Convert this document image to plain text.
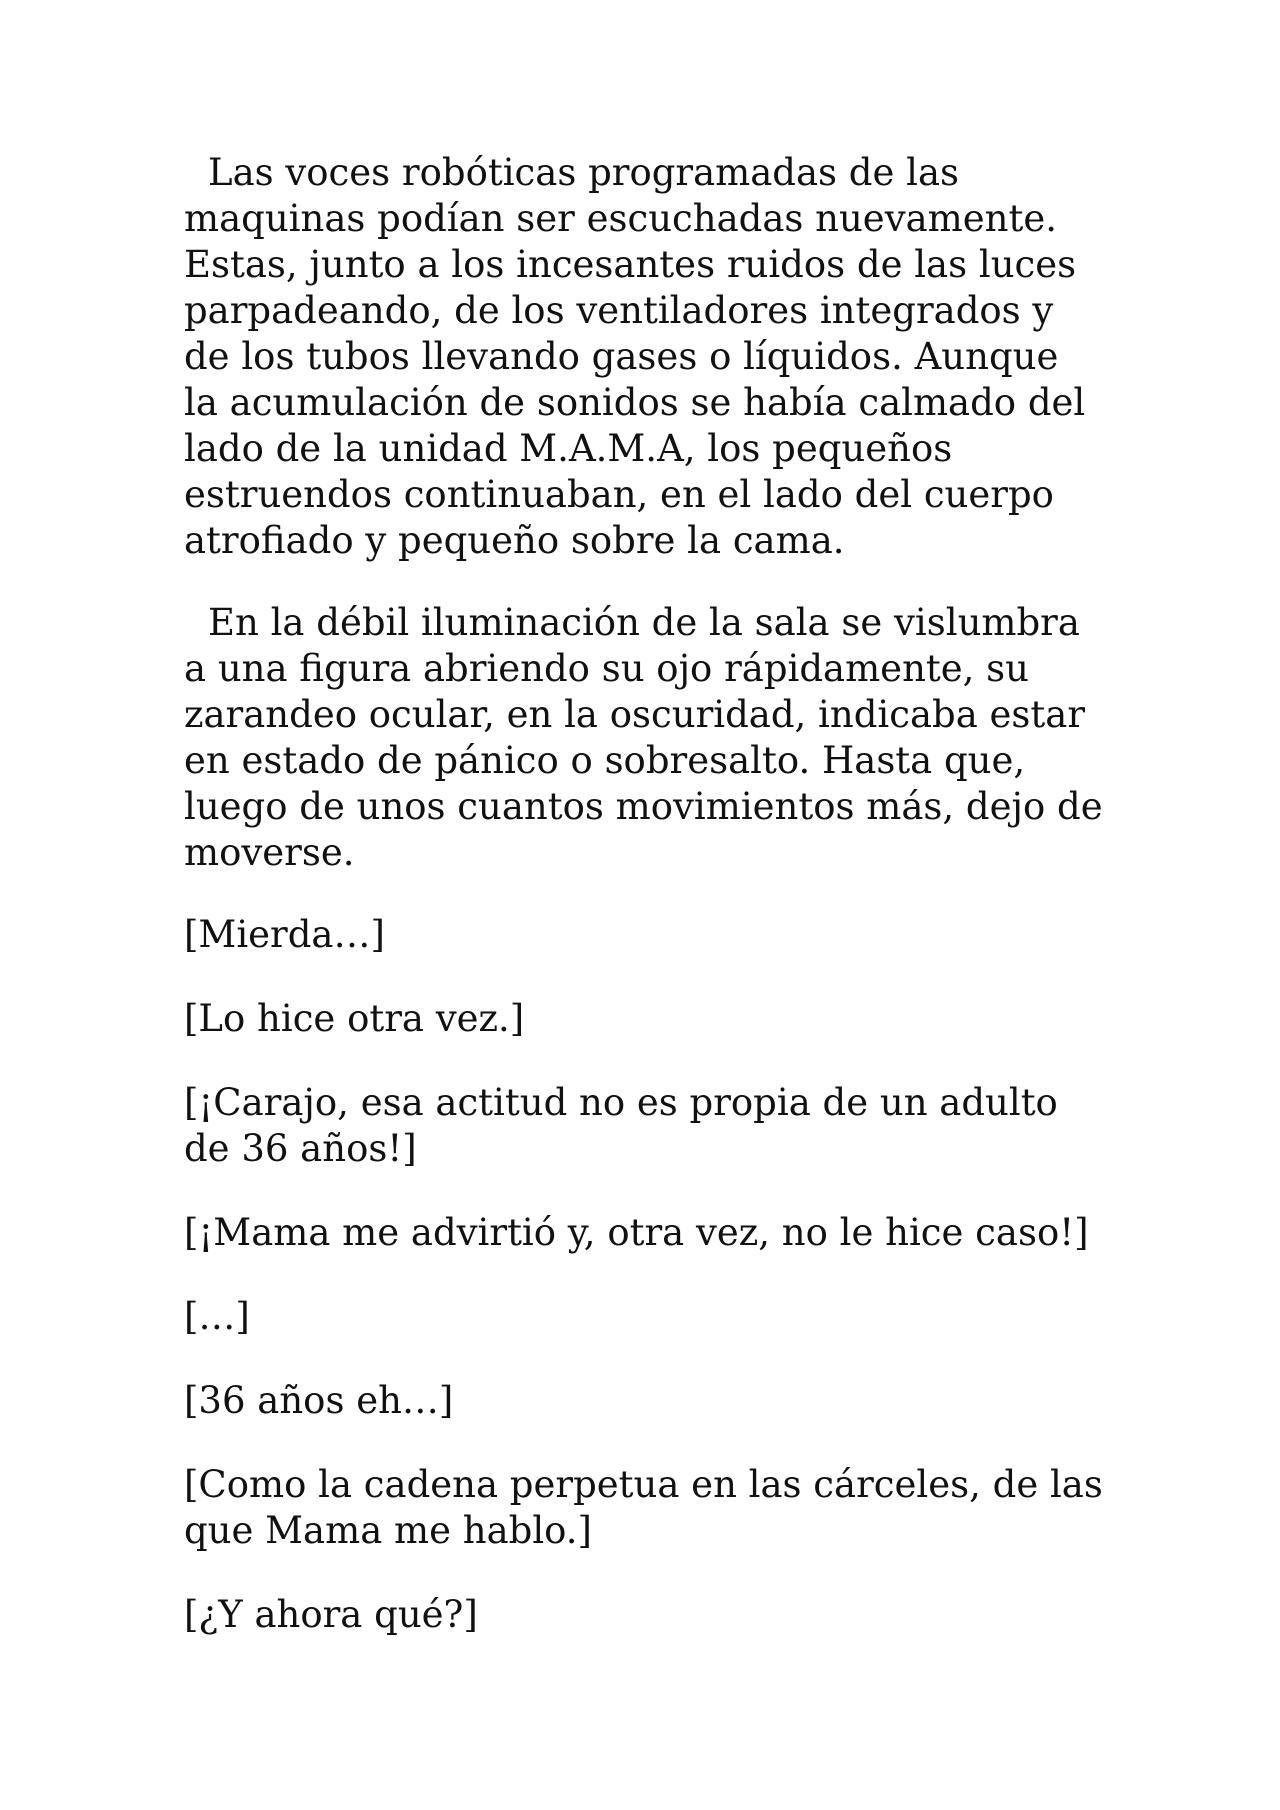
Las voces robóticas programadas de las maquinas podían ser escuchadas nuevamente. Estas, junto a los incesantes ruidos de las luces parpadeando, de los ventiladores integrados y de los tubos llevando gases o líquidos. Aunque la acumulación de sonidos se había calmado del lado de la unidad M.A.M.A, los pequeños estruendos continuaban, en el lado del cuerpo atrofiado y pequeño sobre la cama.

En la débil iluminación de la sala se vislumbra a una figura abriendo su ojo rápidamente, su zarandeo ocular, en la oscuridad, indicaba estar en estado de pánico o sobresalto. Hasta que, luego de unos cuantos movimientos más, dejo de moverse.

[Mierda…]

[Lo hice otra vez.]

[¡Carajo, esa actitud no es propia de un adulto de 36 años!]

[¡Mama me advirtió y, otra vez, no le hice caso!]

[…]

[36 años eh…]

[Como la cadena perpetua en las cárceles, de las que Mama me hablo.]

[¿Y ahora qué?]
